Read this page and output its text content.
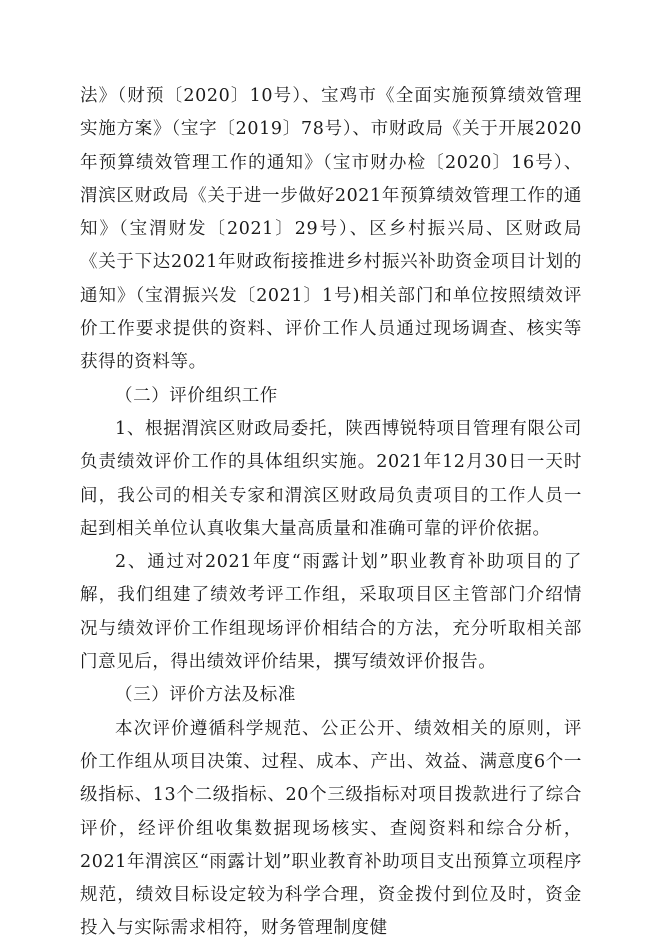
法》（财预〔2020〕10号）、宝鸡市《全面实施预算绩效管理实施方案》（宝字〔2019〕78号）、市财政局《关于开展2020年预算绩效管理工作的通知》（宝市财办检〔2020〕16号）、渭滨区财政局《关于进一步做好2021年预算绩效管理工作的通知》（宝渭财发〔2021〕29号）、区乡村振兴局、区财政局《关于下达2021年财政衔接推进乡村振兴补助资金项目计划的通知》（宝渭振兴发〔2021〕1号)相关部门和单位按照绩效评价工作要求提供的资料、评价工作人员通过现场调查、核实等获得的资料等。

（二）评价组织工作

1、根据渭滨区财政局委托，陕西博锐特项目管理有限公司负责绩效评价工作的具体组织实施。2021年12月30日一天时间，我公司的相关专家和渭滨区财政局负责项目的工作人员一起到相关单位认真收集大量高质量和准确可靠的评价依据。

2、通过对2021年度“雨露计划”职业教育补助项目的了解，我们组建了绩效考评工作组，采取项目区主管部门介绍情况与绩效评价工作组现场评价相结合的方法，充分听取相关部门意见后，得出绩效评价结果，撰写绩效评价报告。

（三）评价方法及标准

本次评价遵循科学规范、公正公开、绩效相关的原则，评价工作组从项目决策、过程、成本、产出、效益、满意度6个一级指标、13个二级指标、20个三级指标对项目拨款进行了综合评价，经评价组收集数据现场核实、查阅资料和综合分析，2021年渭滨区“雨露计划”职业教育补助项目支出预算立项程序规范，绩效目标设定较为科学合理，资金拨付到位及时，资金投入与实际需求相符，财务管理制度健
